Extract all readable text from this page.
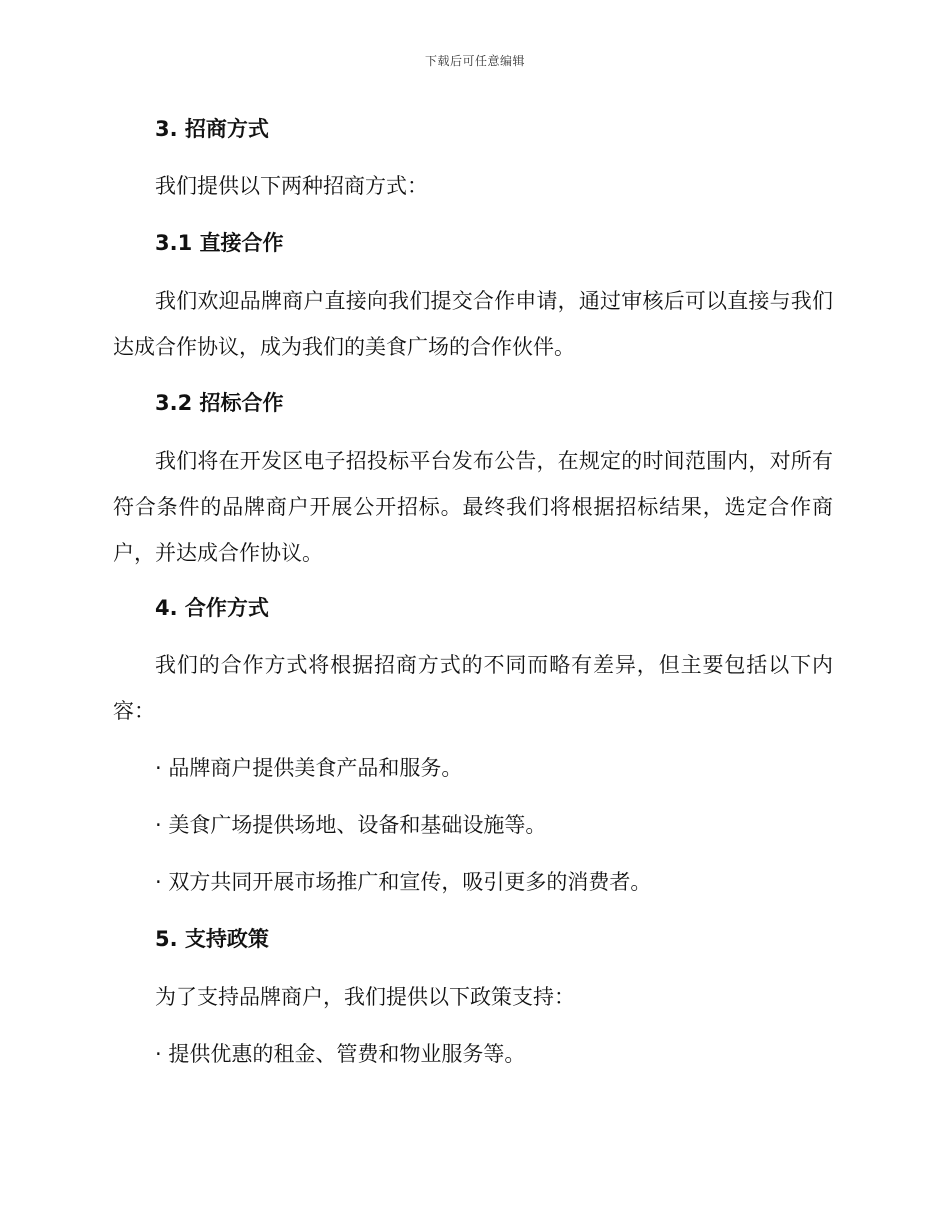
下载后可任意编辑
3. 招商方式
我们提供以下两种招商方式：
3.1 直接合作
我们欢迎品牌商户直接向我们提交合作申请，通过审核后可以直接与我们达成合作协议，成为我们的美食广场的合作伙伴。
3.2 招标合作
我们将在开发区电子招投标平台发布公告，在规定的时间范围内，对所有符合条件的品牌商户开展公开招标。最终我们将根据招标结果，选定合作商户，并达成合作协议。
4. 合作方式
我们的合作方式将根据招商方式的不同而略有差异，但主要包括以下内容：
· 品牌商户提供美食产品和服务。
· 美食广场提供场地、设备和基础设施等。
· 双方共同开展市场推广和宣传，吸引更多的消费者。
5. 支持政策
为了支持品牌商户，我们提供以下政策支持：
· 提供优惠的租金、管费和物业服务等。
